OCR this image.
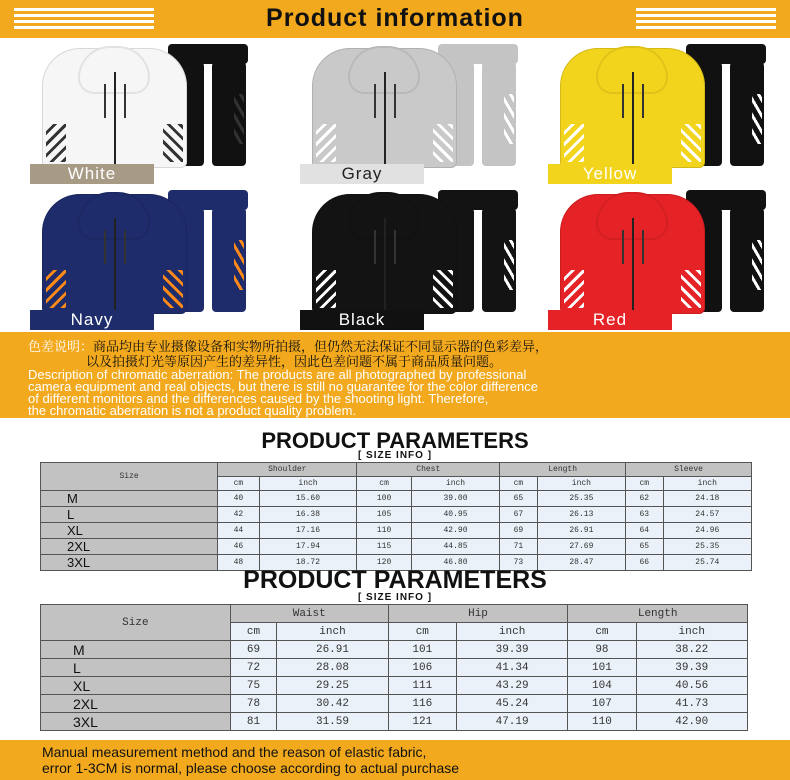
Product information
White	Gray	Yellow
Navy	Black	Red
色差说明：商品均由专业摄像设备和实物所拍摄，但仍然无法保证不同显示器的色彩差异，
以及拍摄灯光等原因产生的差异性，因此色差问题不属于商品质量问题。
Description of chromatic aberration: The products are all photographed by professional
camera equipment and real objects, but there is still no guarantee for the color difference
of different monitors and the differences caused by the shooting light. Therefore,
the chromatic aberration is not a product quality problem.
PRODUCT PARAMETERS
[ SIZE INFO ]
Size	Shoulder		Chest		Length		Sleeve	
	cm	inch	cm	inch	cm	inch	cm	inch
M	40	15.60	100	39.00	65	25.35	62	24.18
L	42	16.38	105	40.95	67	26.13	63	24.57
XL	44	17.16	110	42.90	69	26.91	64	24.96
2XL	46	17.94	115	44.85	71	27.69	65	25.35
3XL	48	18.72	120	46.80	73	28.47	66	25.74
PRODUCT PARAMETERS
[ SIZE INFO ]
Size	Waist		Hip		Length	
	cm	inch	cm	inch	cm	inch
M	69	26.91	101	39.39	98	38.22
L	72	28.08	106	41.34	101	39.39
XL	75	29.25	111	43.29	104	40.56
2XL	78	30.42	116	45.24	107	41.73
3XL	81	31.59	121	47.19	110	42.90
Manual measurement method and the reason of elastic fabric,
error 1-3CM is normal, please choose according to actual purchase
